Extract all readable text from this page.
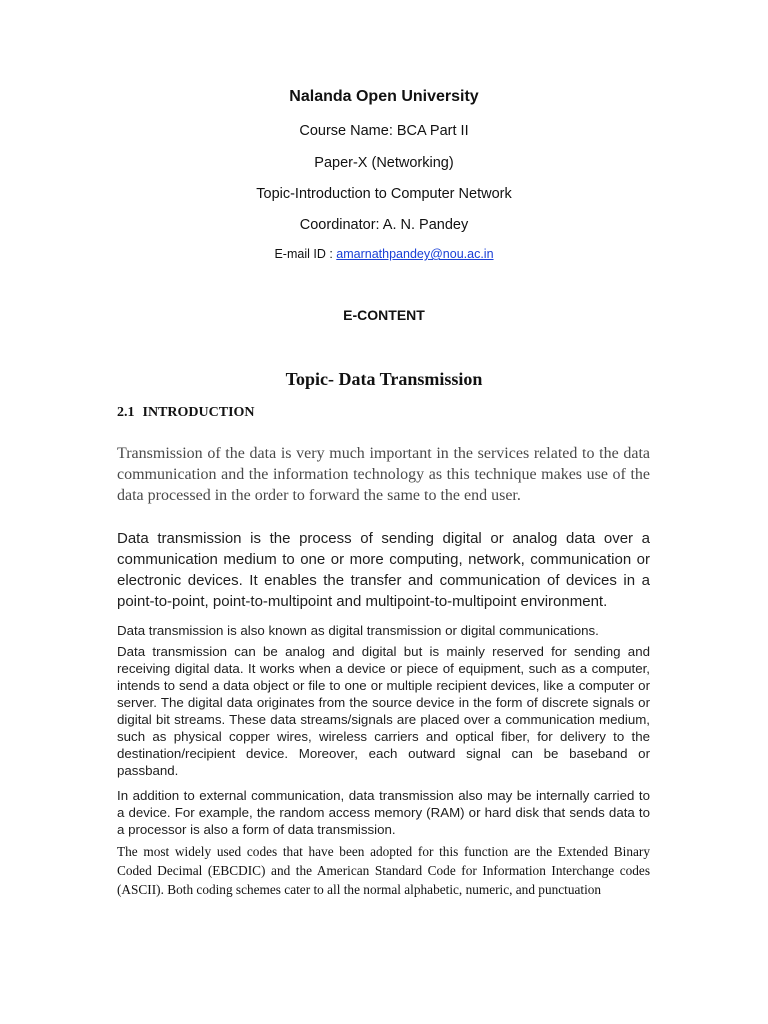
Nalanda Open University
Course Name: BCA Part II
Paper-X (Networking)
Topic-Introduction to Computer Network
Coordinator: A. N. Pandey
E-mail ID : amarnathpandey@nou.ac.in
E-CONTENT
Topic- Data Transmission
2.1 INTRODUCTION

Transmission of the data is very much important in the services related to the data communication and the information technology as this technique makes use of the data processed in the order to forward the same to the end user.

Data transmission is the process of sending digital or analog data over a communication medium to one or more computing, network, communication or electronic devices. It enables the transfer and communication of devices in a point-to-point, point-to-multipoint and multipoint-to-multipoint environment.

Data transmission is also known as digital transmission or digital communications.

Data transmission can be analog and digital but is mainly reserved for sending and receiving digital data. It works when a device or piece of equipment, such as a computer, intends to send a data object or file to one or multiple recipient devices, like a computer or server. The digital data originates from the source device in the form of discrete signals or digital bit streams. These data streams/signals are placed over a communication medium, such as physical copper wires, wireless carriers and optical fiber, for delivery to the destination/recipient device. Moreover, each outward signal can be baseband or passband.

In addition to external communication, data transmission also may be internally carried to a device. For example, the random access memory (RAM) or hard disk that sends data to a processor is also a form of data transmission.

The most widely used codes that have been adopted for this function are the Extended Binary Coded Decimal (EBCDIC) and the American Standard Code for Information Interchange codes (ASCII). Both coding schemes cater to all the normal alphabetic, numeric, and punctuation
